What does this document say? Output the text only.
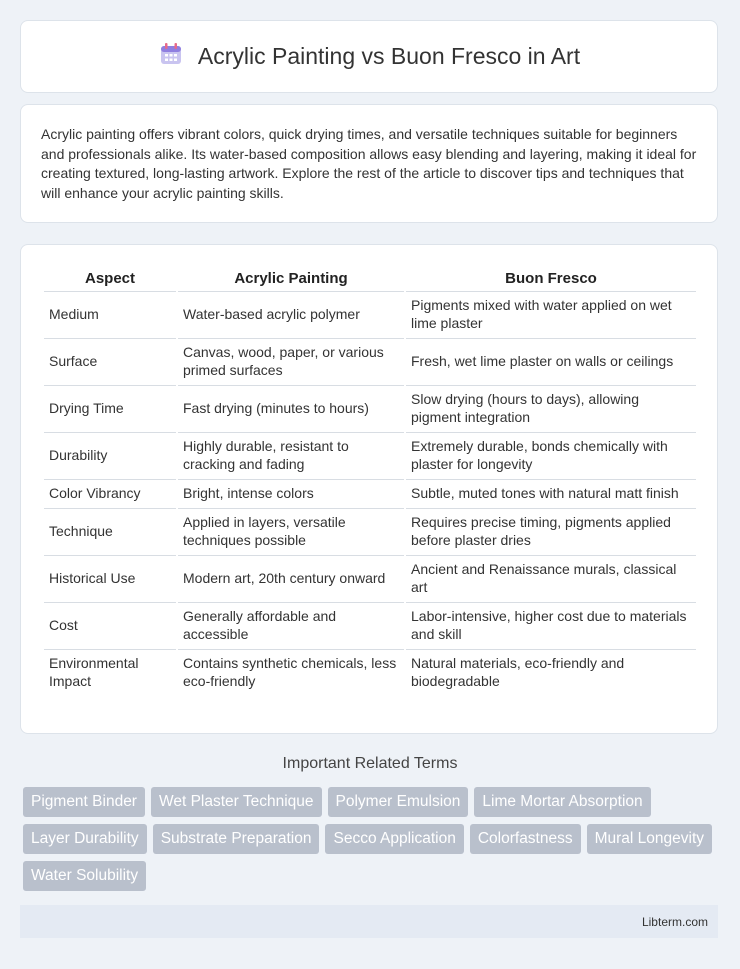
Acrylic Painting vs Buon Fresco in Art

Acrylic painting offers vibrant colors, quick drying times, and versatile techniques suitable for beginners and professionals alike. Its water-based composition allows easy blending and layering, making it ideal for creating textured, long-lasting artwork. Explore the rest of the article to discover tips and techniques that will enhance your acrylic painting skills.

Aspect	Acrylic Painting	Buon Fresco
Medium	Water-based acrylic polymer	Pigments mixed with water applied on wet lime plaster
Surface	Canvas, wood, paper, or various primed surfaces	Fresh, wet lime plaster on walls or ceilings
Drying Time	Fast drying (minutes to hours)	Slow drying (hours to days), allowing pigment integration
Durability	Highly durable, resistant to cracking and fading	Extremely durable, bonds chemically with plaster for longevity
Color Vibrancy	Bright, intense colors	Subtle, muted tones with natural matt finish
Technique	Applied in layers, versatile techniques possible	Requires precise timing, pigments applied before plaster dries
Historical Use	Modern art, 20th century onward	Ancient and Renaissance murals, classical art
Cost	Generally affordable and accessible	Labor-intensive, higher cost due to materials and skill
Environmental Impact	Contains synthetic chemicals, less eco-friendly	Natural materials, eco-friendly and biodegradable
Important Related Terms
Pigment Binder	Wet Plaster Technique	Polymer Emulsion	Lime Mortar Absorption
Layer Durability	Substrate Preparation	Secco Application	Colorfastness	Mural Longevity
Water Solubility
Libterm.com
